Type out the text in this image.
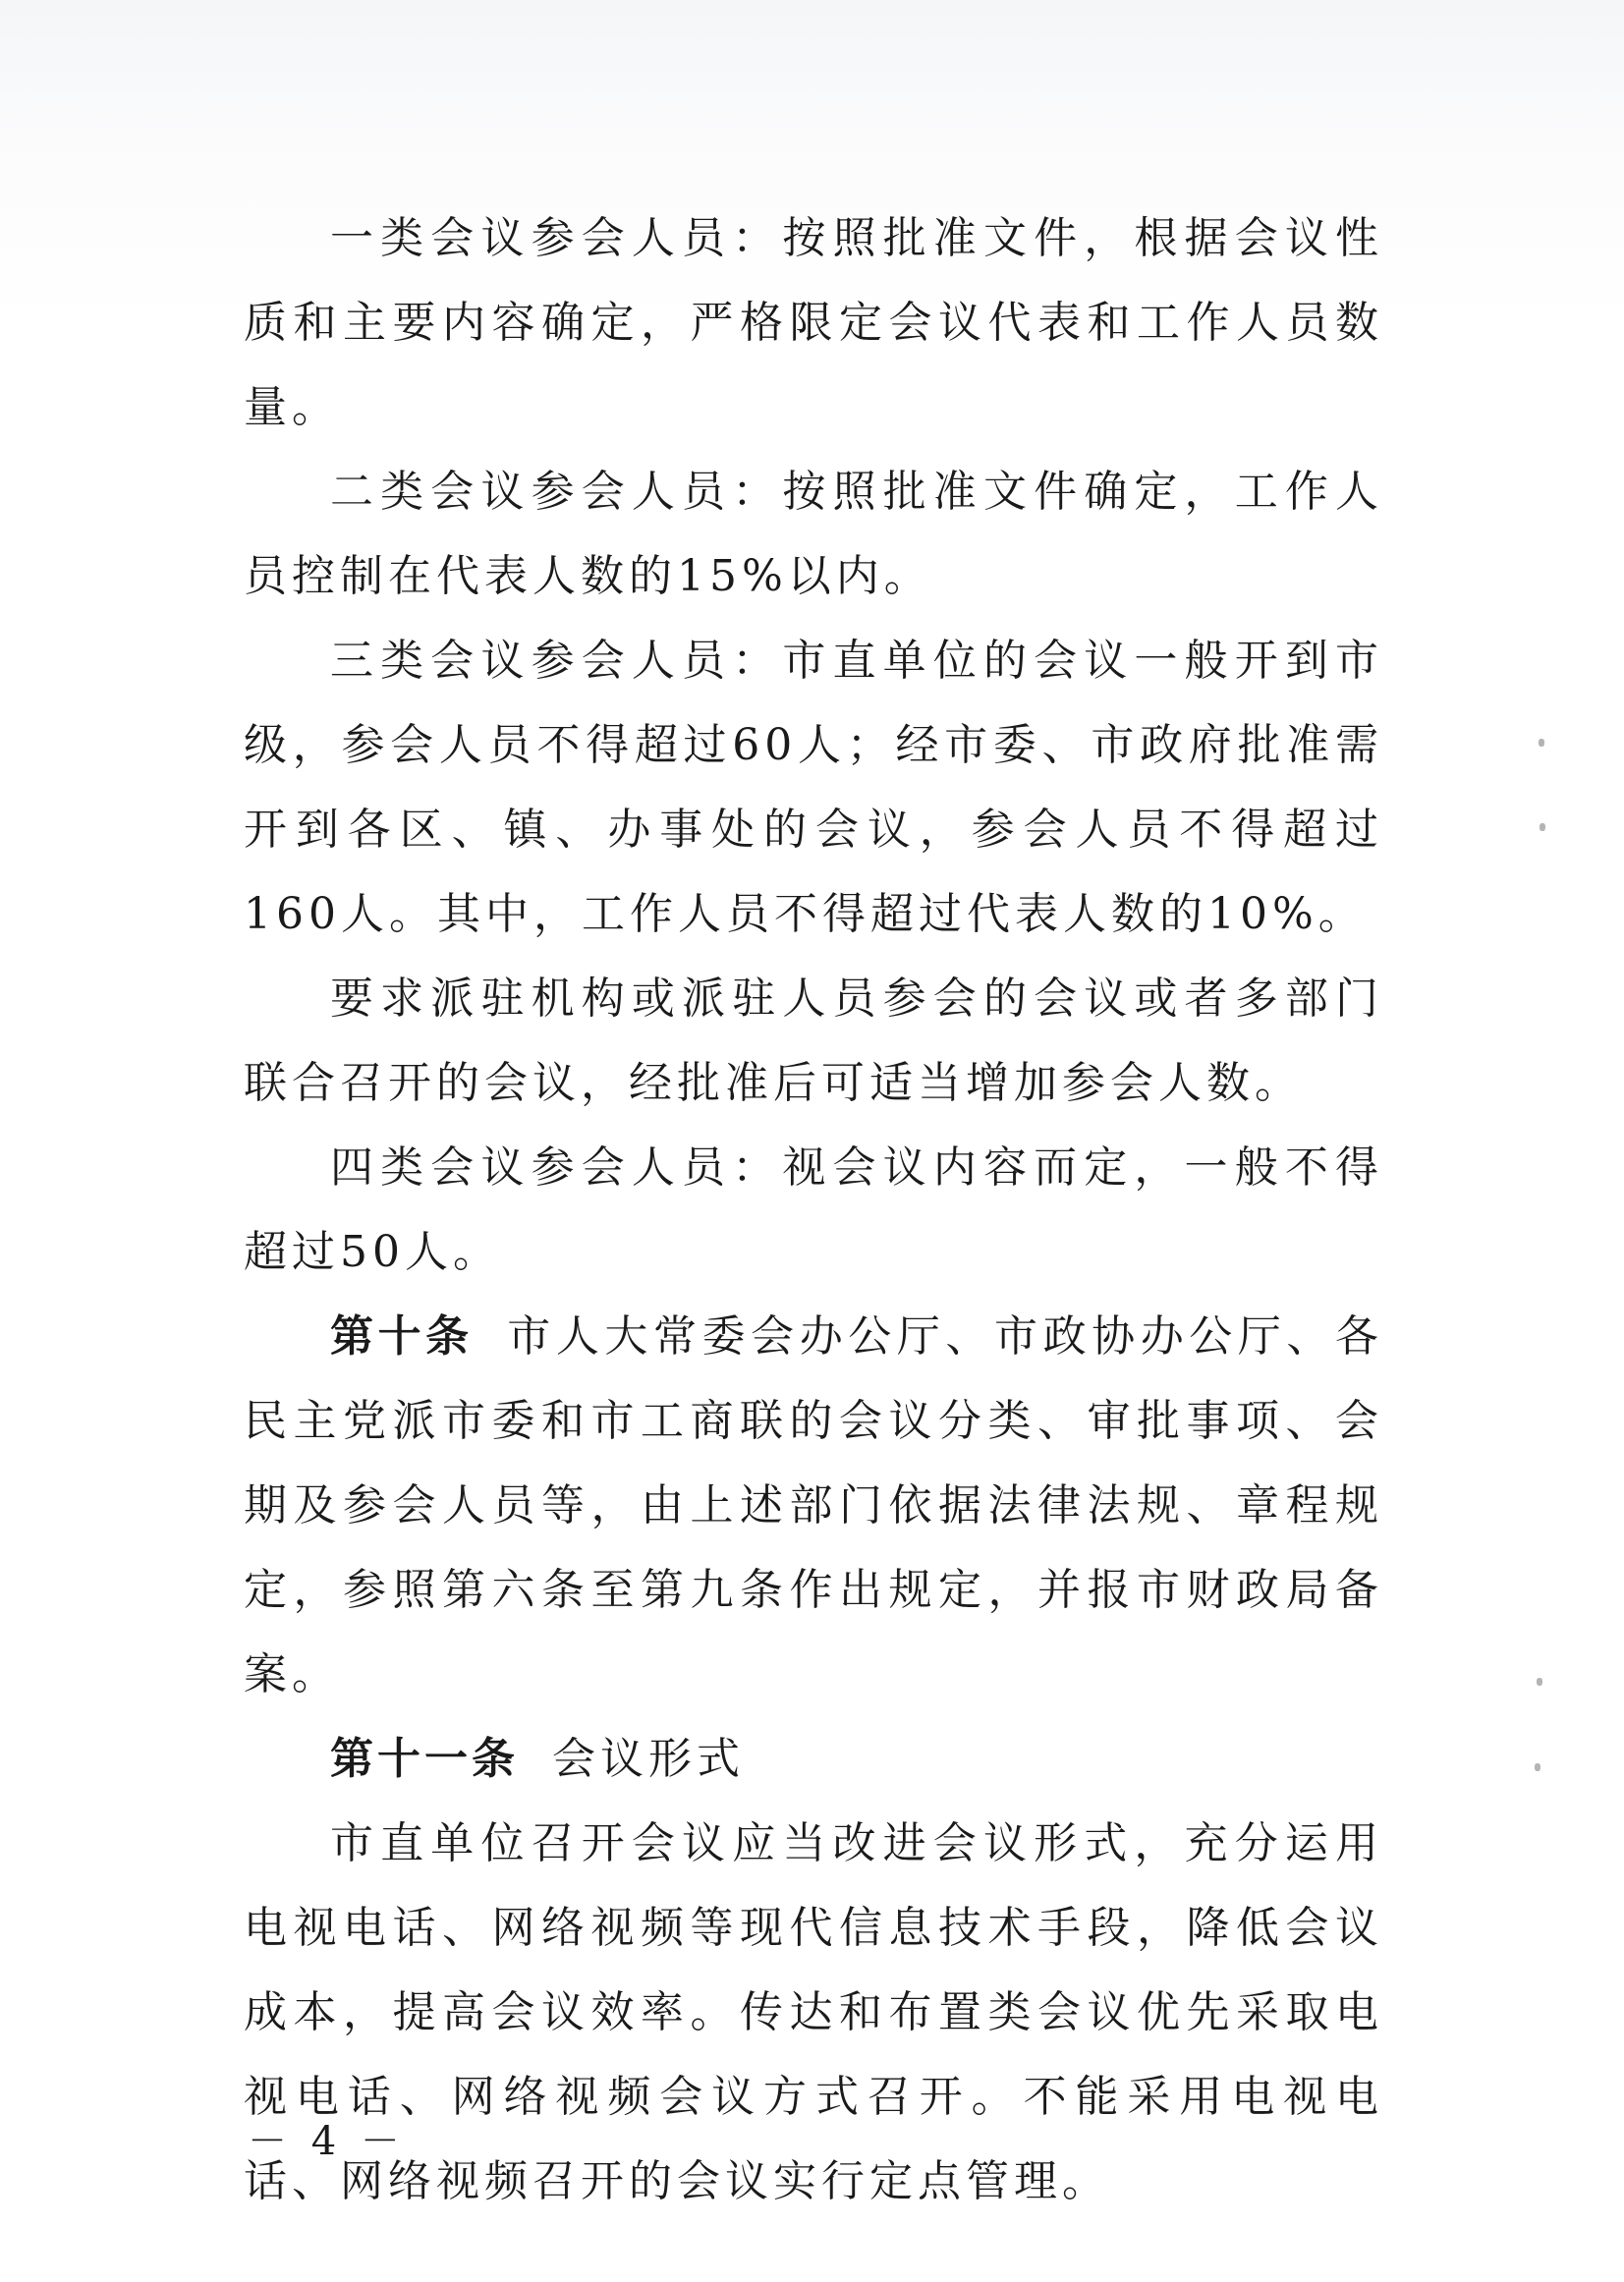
一类会议参会人员：按照批准文件，根据会议性质和主要内容确定，严格限定会议代表和工作人员数量。

二类会议参会人员：按照批准文件确定，工作人员控制在代表人数的15%以内。

三类会议参会人员：市直单位的会议一般开到市级，参会人员不得超过60人；经市委、市政府批准需开到各区、镇、办事处的会议，参会人员不得超过160人。其中，工作人员不得超过代表人数的10%。

要求派驻机构或派驻人员参会的会议或者多部门联合召开的会议，经批准后可适当增加参会人数。

四类会议参会人员：视会议内容而定，一般不得超过50人。

第十条 市人大常委会办公厅、市政协办公厅、各民主党派市委和市工商联的会议分类、审批事项、会期及参会人员等，由上述部门依据法律法规、章程规定，参照第六条至第九条作出规定，并报市财政局备案。

第十一条 会议形式

市直单位召开会议应当改进会议形式，充分运用电视电话、网络视频等现代信息技术手段，降低会议成本，提高会议效率。传达和布置类会议优先采取电视电话、网络视频会议方式召开。不能采用电视电话、网络视频召开的会议实行定点管理。

－ 4 －
